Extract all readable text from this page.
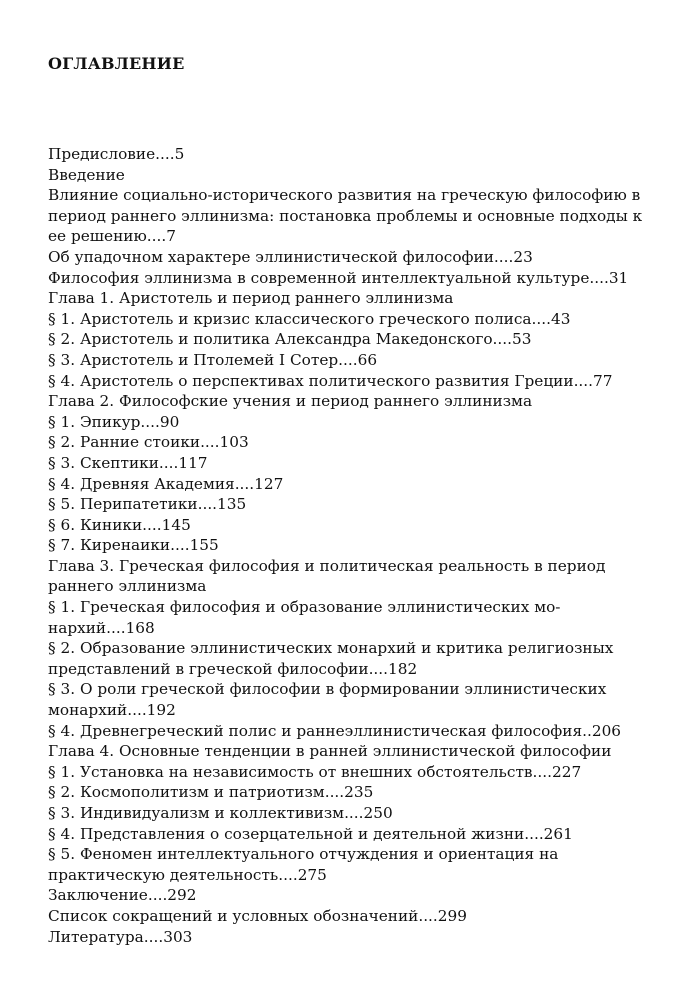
ОГЛАВЛЕНИЕ
Предисловие....5
Введение
Влияние социально-исторического развития на греческую философию в
период раннего эллинизма: постановка проблемы и основные подходы к
ее решению....7
Об упадочном характере эллинистической философии....23
Философия эллинизма в современной интеллектуальной культуре....31
Глава 1. Аристотель и период раннего эллинизма
§ 1. Аристотель и кризис классического греческого полиса....43
§ 2. Аристотель и политика Александра Македонского....53
§ 3. Аристотель и Птолемей I Сотер....66
§ 4. Аристотель о перспективах политического развития Греции....77
Глава 2. Философские учения и период раннего эллинизма
§ 1. Эпикур....90
§ 2. Ранние стоики....103
§ 3. Скептики....117
§ 4. Древняя Академия....127
§ 5. Перипатетики....135
§ 6. Киники....145
§ 7. Киренаики....155
Глава 3. Греческая философия и политическая реальность в период
раннего эллинизма
§ 1. Греческая философия и образование эллинистических мо-
нархий....168
§ 2. Образование эллинистических монархий и критика религиозных
представлений в греческой философии....182
§ 3. О роли греческой философии в формировании эллинистических
монархий....192
§ 4. Древнегреческий полис и раннеэллинистическая философия..206
Глава 4. Основные тенденции в ранней эллинистической философии
§ 1. Установка на независимость от внешних обстоятельств....227
§ 2. Космополитизм и патриотизм....235
§ 3. Индивидуализм и коллективизм....250
§ 4. Представления о созерцательной и деятельной жизни....261
§ 5. Феномен интеллектуального отчуждения и ориентация на
практическую деятельность....275
Заключение....292
Список сокращений и условных обозначений....299
Литература....303
